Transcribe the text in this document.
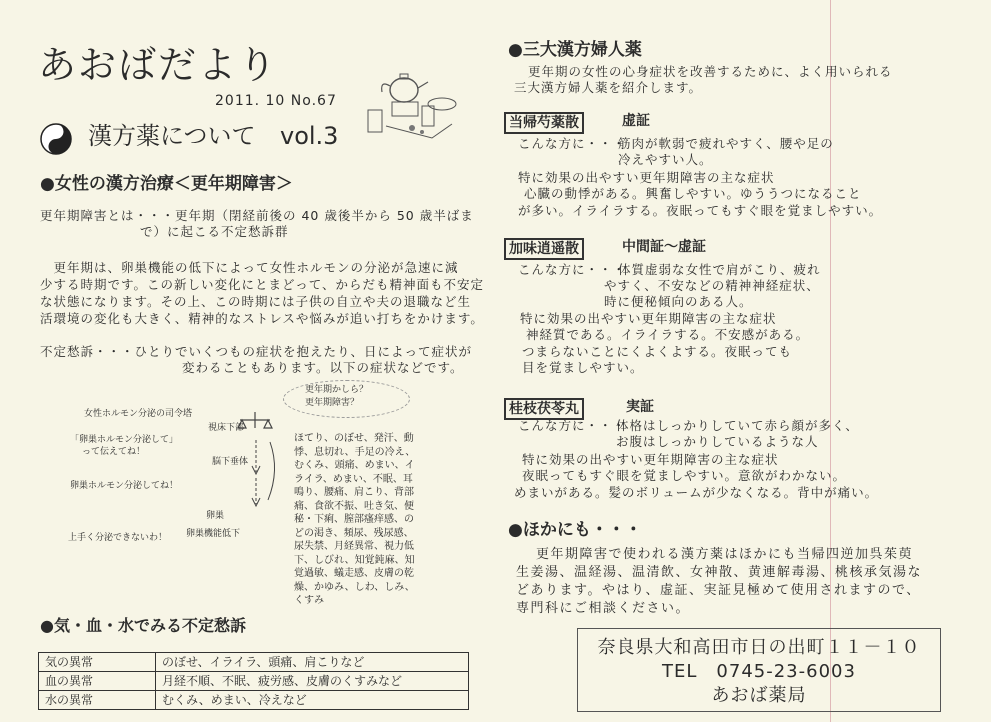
あおばだより
2011. 10 No.67
漢方薬について vol.3
●女性の漢方治療＜更年期障害＞
更年期障害とは・・・更年期（閉経前後の 40 歳後半から 50 歳半ばま
で）に起こる不定愁訴群
　更年期は、卵巣機能の低下によって女性ホルモンの分泌が急速に減
少する時期です。この新しい変化にとまどって、からだも精神面も不安定
な状態になります。その上、この時期には子供の自立や夫の退職など生
活環境の変化も大きく、精神的なストレスや悩みが追い打ちをかけます。
不定愁訴・・・ひとりでいくつもの症状を抱えたり、日によって症状が
変わることもあります。以下の症状などです。
更年期かしら？
更年期障害？
女性ホルモン分泌の司令塔
視床下部
「卵巣ホルモン分泌して」
って伝えてね！
脳下垂体
卵巣ホルモン分泌してね！
卵巣
上手く分泌できないわ！ 卵巣機能低下
ほてり、のぼせ、発汗、動悸、息切れ、手足の冷え、むくみ、頭痛、めまい、イライラ、めまい、不眠、耳鳴り、腰痛、肩こり、背部痛、食欲不振、吐き気、便秘・下痢、膣部瘙痒感、のどの渇き、頻尿、残尿感、尿失禁、月経異常、視力低下、しびれ、知覚鈍麻、知覚過敏、蟻走感、皮膚の乾燥、かゆみ、しわ、しみ、くすみ
●気・血・水でみる不定愁訴
気の異常	のぼせ、イライラ、頭痛、肩こりなど
血の異常	月経不順、不眠、疲労感、皮膚のくすみなど
水の異常	むくみ、めまい、冷えなど
●三大漢方婦人薬
更年期の女性の心身症状を改善するために、よく用いられる
三大漢方婦人薬を紹介します。
当帰芍薬散	虚証
こんな方に・・・
筋肉が軟弱で疲れやすく、腰や足の
冷えやすい人。
特に効果の出やすい更年期障害の主な症状
心臓の動悸がある。興奮しやすい。ゆううつになること
が多い。イライラする。夜眠ってもすぐ眼を覚ましやすい。
加味逍遥散	中間証～虚証
こんな方に・・・
体質虚弱な女性で肩がこり、疲れ
やすく、不安などの精神神経症状、
時に便秘傾向のある人。
特に効果の出やすい更年期障害の主な症状
神経質である。イライラする。不安感がある。
つまらないことにくよくよする。夜眠っても
目を覚ましやすい。
桂枝茯苓丸	実証
こんな方に・・・
体格はしっかりしていて赤ら顔が多く、
お腹はしっかりしているような人
特に効果の出やすい更年期障害の主な症状
夜眠ってもすぐ眼を覚ましやすい。意欲がわかない。
めまいがある。髪のボリュームが少なくなる。背中が痛い。
●ほかにも・・・
更年期障害で使われる漢方薬はほかにも当帰四逆加呉茱萸
生姜湯、温経湯、温清飲、女神散、黄連解毒湯、桃核承気湯な
どあります。やはり、虚証、実証見極めて使用されますので、
専門科にご相談ください。
奈良県大和高田市日の出町１１－１０
TEL　0745-23-6003
あおば薬局
